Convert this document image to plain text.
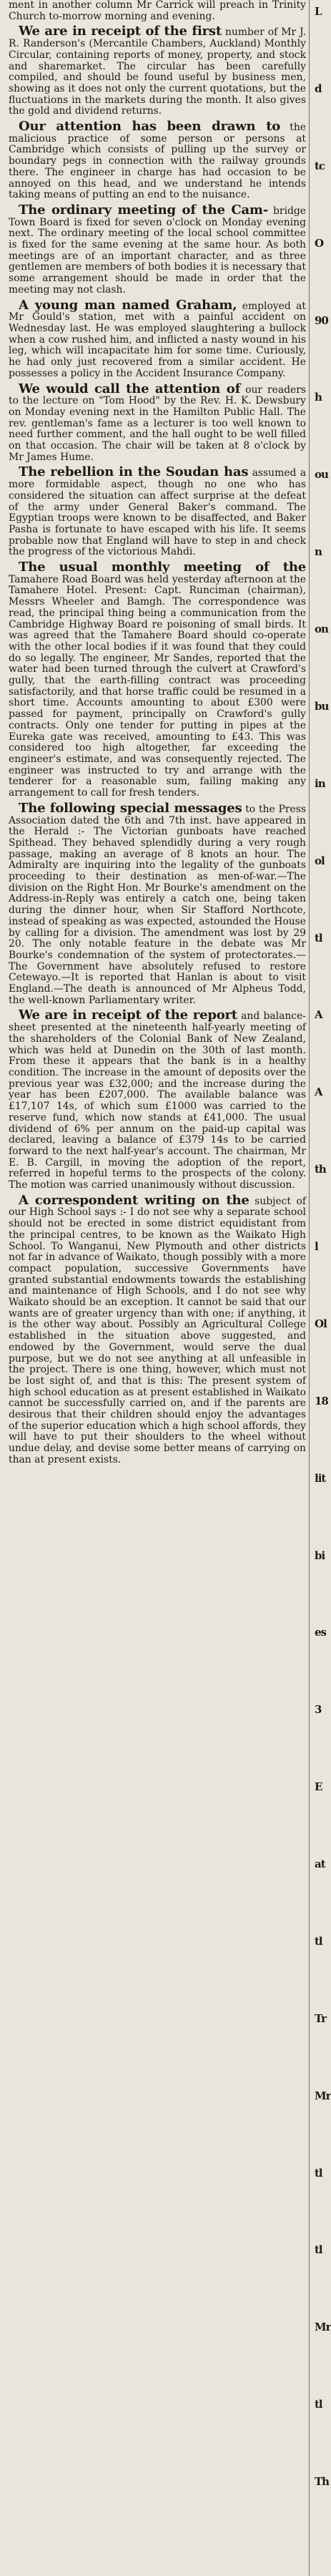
ment in another column Mr Carrick will preach in Trinity Church to-morrow morning and evening.

We are in receipt of the first number of Mr J. R. Randerson's (Mercantile Chambers, Auckland) Monthly Circular, containing reports of money, property, and stock and sharemarket. The circular has been carefully compiled, and should be found useful by business men, showing as it does not only the current quotations, but the fluctuations in the markets during the month. It also gives the gold and dividend returns.

Our attention has been drawn to the malicious practice of some person or persons at Cambridge which consists of pulling up the survey or boundary pegs in connection with the railway grounds there. The engineer in charge has had occasion to be annoyed on this head, and we understand he intends taking means of putting an end to the nuisance.

The ordinary meeting of the Cam- bridge Town Board is fixed for seven o'clock on Monday evening next. The ordinary meeting of the local school committee is fixed for the same evening at the same hour. As both meetings are of an important character, and as three gentlemen are members of both bodies it is necessary that some arrangement should be made in order that the meeting may not clash.

A young man named Graham, employed at Mr Gould's station, met with a painful accident on Wednesday last. He was employed slaughtering a bullock when a cow rushed him, and inflicted a nasty wound in his leg, which will incapacitate him for some time. Curiously, he had only just recovered from a similar accident. He possesses a policy in the Accident Insurance Company.

We would call the attention of our readers to the lecture on "Tom Hood" by the Rev. H. K. Dewsbury on Monday evening next in the Hamilton Public Hall. The rev. gentleman's fame as a lecturer is too well known to need further comment, and the hall ought to be well filled on that occasion. The chair will be taken at 8 o'clock by Mr James Hume.

The rebellion in the Soudan has assumed a more formidable aspect, though no one who has considered the situation can affect surprise at the defeat of the army under General Baker's command. The Egyptian troops were known to be disaffected, and Baker Pasha is fortunate to have escaped with his life. It seems probable now that England will have to step in and check the progress of the victorious Mahdi.

The usual monthly meeting of the Tamahere Road Board was held yesterday afternoon at the Tamahere Hotel. Present: Capt. Runciman (chairman), Messrs Wheeler and Bamgh. The correspondence was read, the principal thing being a communication from the Cambridge Highway Board re poisoning of small birds. It was agreed that the Tamahere Board should co-operate with the other local bodies if it was found that they could do so legally. The engineer, Mr Sandes, reported that the water had been turned through the culvert at Crawford's gully, that the earth-filling contract was proceeding satisfactorily, and that horse traffic could be resumed in a short time. Accounts amounting to about £300 were passed for payment, principally on Crawford's gully contracts. Only one tender for putting in pipes at the Eureka gate was received, amounting to £43. This was considered too high altogether, far exceeding the engineer's estimate, and was consequently rejected. The engineer was instructed to try and arrange with the tenderer for a reasonable sum, failing making any arrangement to call for fresh tenders.

The following special messages to the Press Association dated the 6th and 7th inst. have appeared in the Herald :- The Victorian gunboats have reached Spithead. They behaved splendidly during a very rough passage, making an average of 8 knots an hour. The Admiralty are inquiring into the legality of the gunboats proceeding to their destination as men-of-war.—The division on the Right Hon. Mr Bourke's amendment on the Address-in-Reply was entirely a catch one, being taken during the dinner hour, when Sir Stafford Northcote, instead of speaking as was expected, astounded the House by calling for a division. The amendment was lost by 29 20. The only notable feature in the debate was Mr Bourke's condemnation of the system of protectorates.—The Government have absolutely refused to restore Cetewayo.—It is reported that Hanlan is about to visit England.—The death is announced of Mr Alpheus Todd, the well-known Parliamentary writer.

We are in receipt of the report and balance-sheet presented at the nineteenth half-yearly meeting of the shareholders of the Colonial Bank of New Zealand, which was held at Dunedin on the 30th of last month. From these it appears that the bank is in a healthy condition. The increase in the amount of deposits over the previous year was £32,000; and the increase during the year has been £207,000. The available balance was £17,107 14s, of which sum £1000 was carried to the reserve fund, which now stands at £41,000. The usual dividend of 6% per annum on the paid-up capital was declared, leaving a balance of £379 14s to be carried forward to the next half-year's account. The chairman, Mr E. B. Cargill, in moving the adoption of the report, referred in hopeful terms to the prospects of the colony. The motion was carried unanimously without discussion.

A correspondent writing on the subject of our High School says :- I do not see why a separate school should not be erected in some district equidistant from the principal centres, to be known as the Waikato High School. To Wanganui, New Plymouth and other districts not far in advance of Waikato, though possibly with a more compact population, successive Governments have granted substantial endowments towards the establishing and maintenance of High Schools, and I do not see why Waikato should be an exception. It cannot be said that our wants are of greater urgency than with one; if anything, it is the other way about. Possibly an Agricultural College established in the situation above suggested, and endowed by the Government, would serve the dual purpose, but we do not see anything at all unfeasible in the project. There is one thing, however, which must not be lost sight of, and that is this: The present system of high school education as at present established in Waikato cannot be successfully carried on, and if the parents are desirous that their children should enjoy the advantages of the superior education which a high school affords, they will have to put their shoulders to the wheel without undue delay, and devise some better means of carrying on than at present exists.

L
d
tc
O
90
h
ou
n
on
bu
in
ol
tl
A
A
th
l
Ol
18
lit
bi
es
3
E
at
tl
Tr
Mr
tl
tl
Mr
tl
Th
